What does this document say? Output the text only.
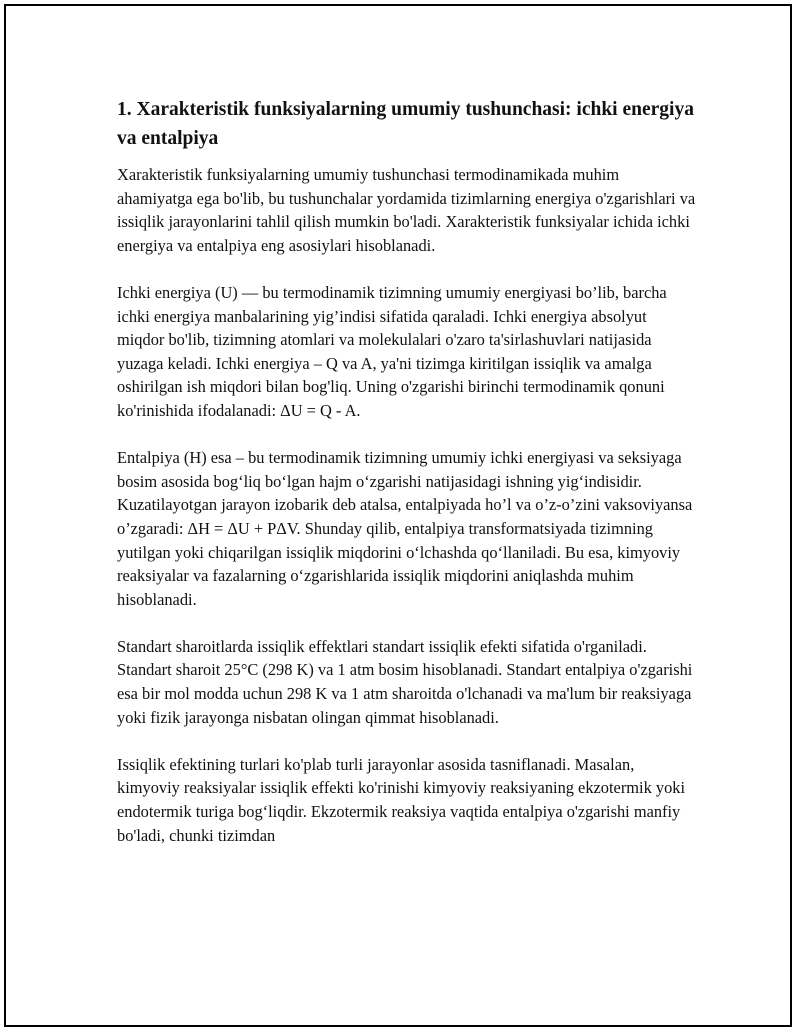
1. Xarakteristik funksiyalarning umumiy tushunchasi: ichki energiya va entalpiya

Xarakteristik funksiyalarning umumiy tushunchasi termodinamikada muhim ahamiyatga ega bo'lib, bu tushunchalar yordamida tizimlarning energiya o'zgarishlari va issiqlik jarayonlarini tahlil qilish mumkin bo'ladi. Xarakteristik funksiyalar ichida ichki energiya va entalpiya eng asosiylari hisoblanadi.

Ichki energiya (U) — bu termodinamik tizimning umumiy energiyasi bo’lib, barcha ichki energiya manbalarining yig’indisi sifatida qaraladi. Ichki energiya absolyut miqdor bo'lib, tizimning atomlari va molekulalari o'zaro ta'sirlashuvlari natijasida yuzaga keladi. Ichki energiya – Q va A, ya'ni tizimga kiritilgan issiqlik va amalga oshirilgan ish miqdori bilan bog'liq. Uning o'zgarishi birinchi termodinamik qonuni ko'rinishida ifodalanadi: ΔU = Q - A.

Entalpiya (H) esa – bu termodinamik tizimning umumiy ichki energiyasi va seksiyaga bosim asosida bog‘liq bo‘lgan hajm o‘zgarishi natijasidagi ishning yig‘indisidir. Kuzatilayotgan jarayon izobarik deb atalsa, entalpiyada ho’l va o’z-o’zini vaksoviyansa o’zgaradi: ΔH = ΔU + PΔV. Shunday qilib, entalpiya transformatsiyada tizimning yutilgan yoki chiqarilgan issiqlik miqdorini o‘lchashda qo‘llaniladi. Bu esa, kimyoviy reaksiyalar va fazalarning o‘zgarishlarida issiqlik miqdorini aniqlashda muhim hisoblanadi.

Standart sharoitlarda issiqlik effektlari standart issiqlik efekti sifatida o'rganiladi. Standart sharoit 25°C (298 K) va 1 atm bosim hisoblanadi. Standart entalpiya o'zgarishi esa bir mol modda uchun 298 K va 1 atm sharoitda o'lchanadi va ma'lum bir reaksiyaga yoki fizik jarayonga nisbatan olingan qimmat hisoblanadi.

Issiqlik efektining turlari ko'plab turli jarayonlar asosida tasniflanadi. Masalan, kimyoviy reaksiyalar issiqlik effekti ko'rinishi kimyoviy reaksiyaning ekzotermik yoki endotermik turiga bog‘liqdir. Ekzotermik reaksiya vaqtida entalpiya o'zgarishi manfiy bo'ladi, chunki tizimdan
